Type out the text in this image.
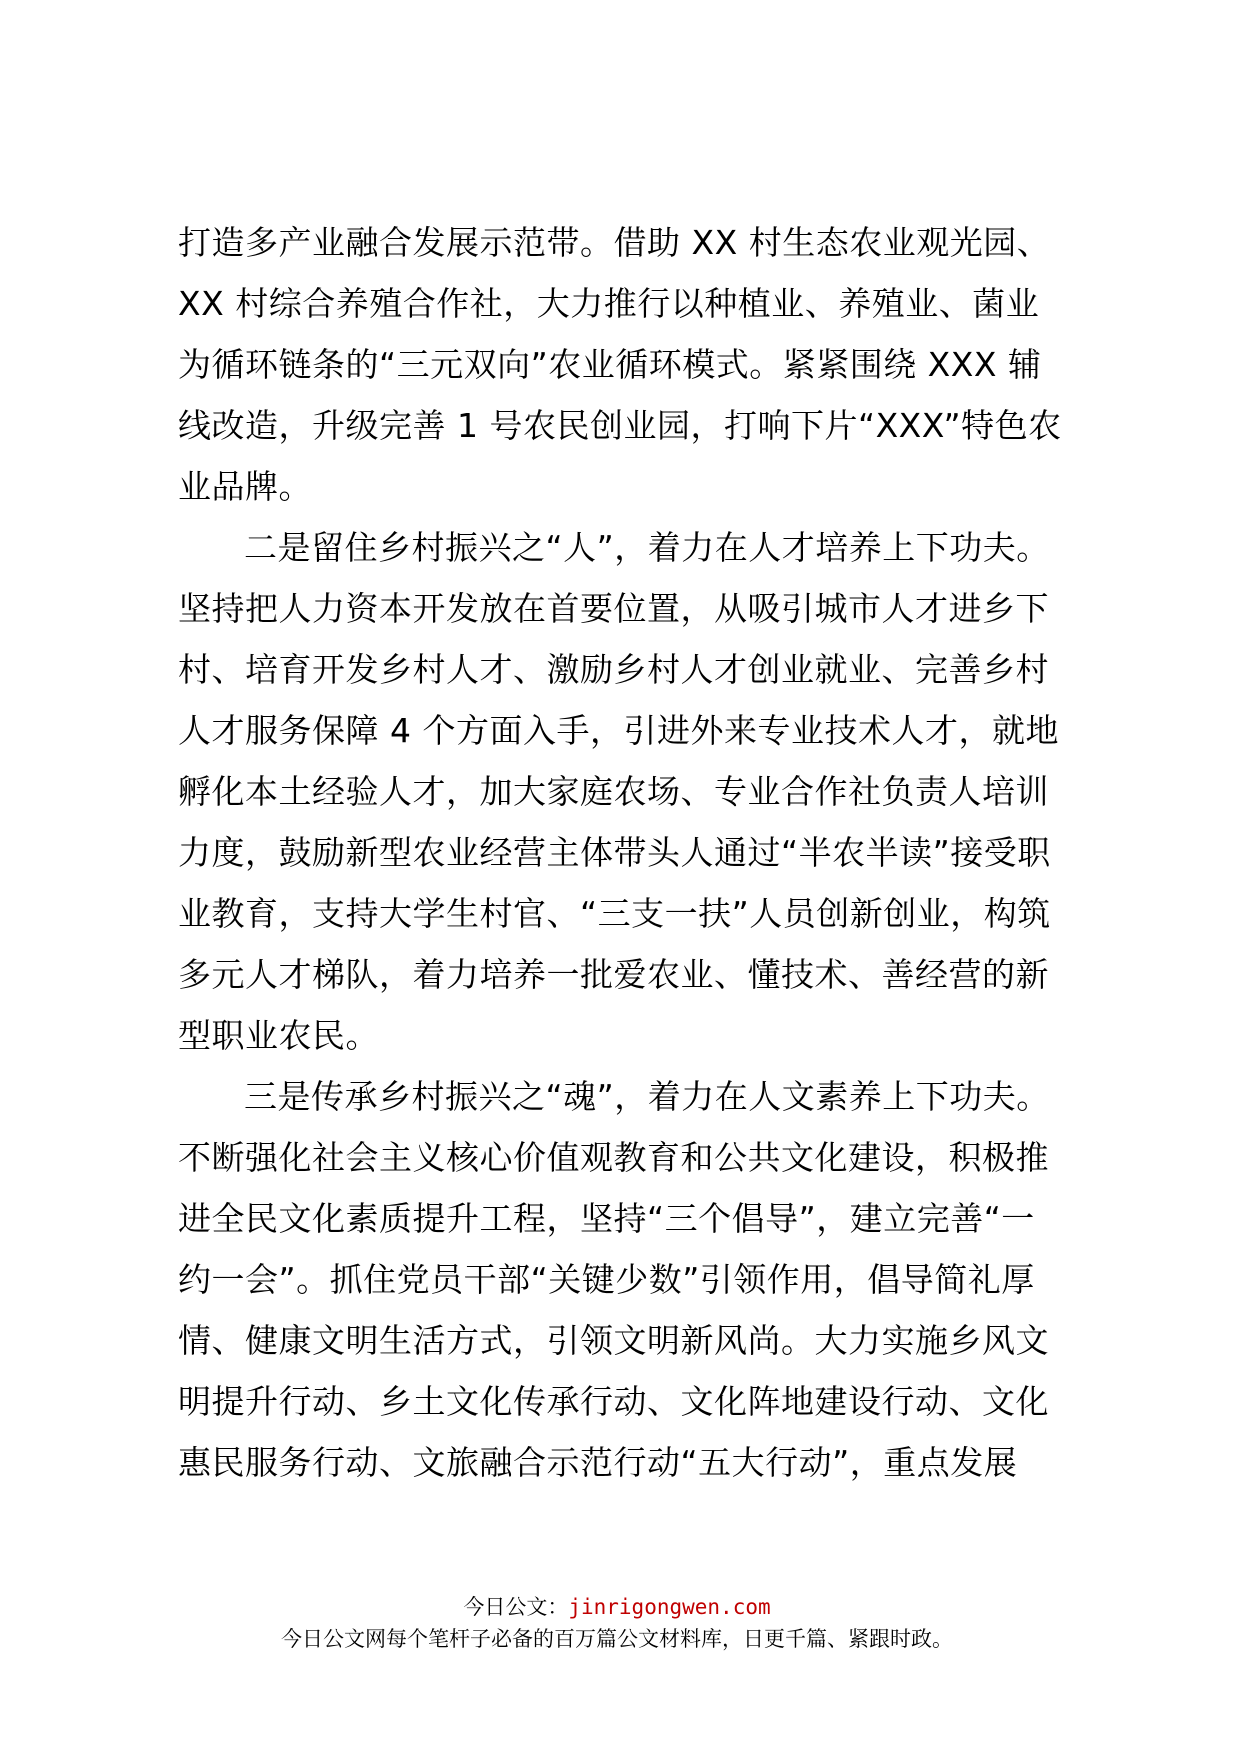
打造多产业融合发展示范带。借助 XX 村生态农业观光园、
XX 村综合养殖合作社，大力推行以种植业、养殖业、菌业
为循环链条的“三元双向”农业循环模式。紧紧围绕 XXX 辅
线改造，升级完善 1 号农民创业园，打响下片“XXX”特色农
业品牌。
二是留住乡村振兴之“人”，着力在人才培养上下功夫。
坚持把人力资本开发放在首要位置，从吸引城市人才进乡下
村、培育开发乡村人才、激励乡村人才创业就业、完善乡村
人才服务保障 4 个方面入手，引进外来专业技术人才，就地
孵化本土经验人才，加大家庭农场、专业合作社负责人培训
力度，鼓励新型农业经营主体带头人通过“半农半读”接受职
业教育，支持大学生村官、“三支一扶”人员创新创业，构筑
多元人才梯队，着力培养一批爱农业、懂技术、善经营的新
型职业农民。
三是传承乡村振兴之“魂”，着力在人文素养上下功夫。
不断强化社会主义核心价值观教育和公共文化建设，积极推
进全民文化素质提升工程，坚持“三个倡导”，建立完善“一
约一会”。抓住党员干部“关键少数”引领作用，倡导简礼厚
情、健康文明生活方式，引领文明新风尚。大力实施乡风文
明提升行动、乡土文化传承行动、文化阵地建设行动、文化
惠民服务行动、文旅融合示范行动“五大行动”，重点发展
今日公文：jinrigongwen.com
今日公文网每个笔杆子必备的百万篇公文材料库，日更千篇、紧跟时政。
